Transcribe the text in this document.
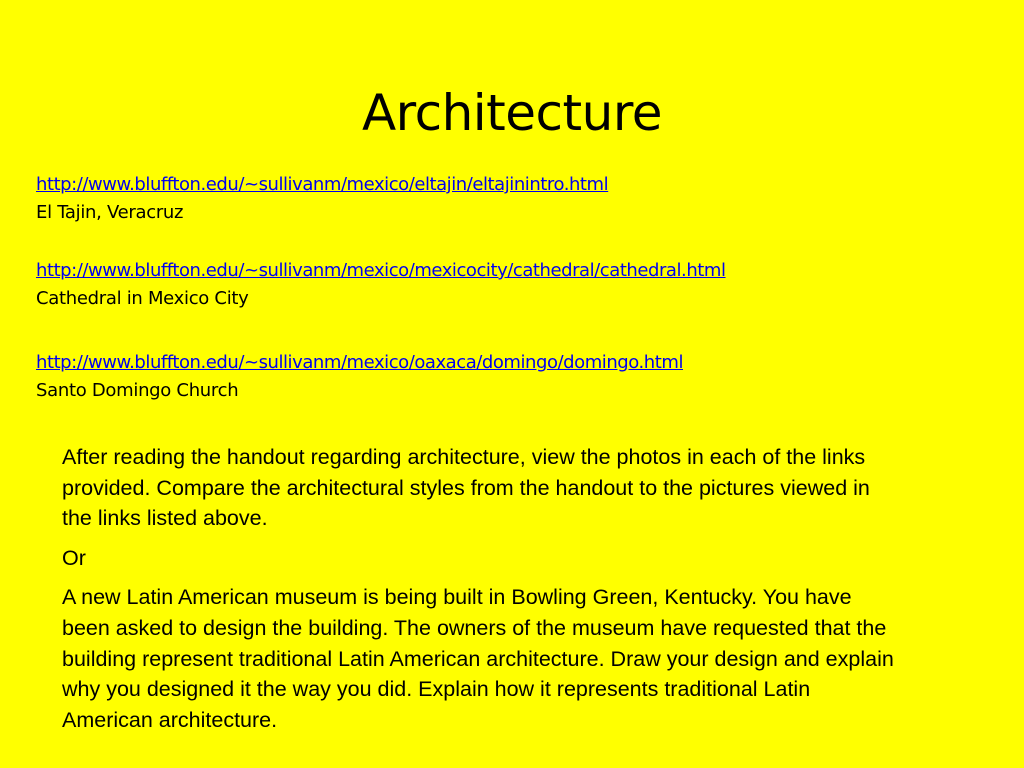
Architecture
http://www.bluffton.edu/~sullivanm/mexico/eltajin/eltajinintro.html
El Tajin, Veracruz
http://www.bluffton.edu/~sullivanm/mexico/mexicocity/cathedral/cathedral.html
Cathedral in Mexico City
http://www.bluffton.edu/~sullivanm/mexico/oaxaca/domingo/domingo.html
Santo Domingo Church

After reading the handout regarding architecture, view the photos in each of the links provided. Compare the architectural styles from the handout to the pictures viewed in the links listed above.

Or

A new Latin American museum is being built in Bowling Green, Kentucky. You have been asked to design the building. The owners of the museum have requested that the building represent traditional Latin American architecture. Draw your design and explain why you designed it the way you did. Explain how it represents traditional Latin American architecture.
